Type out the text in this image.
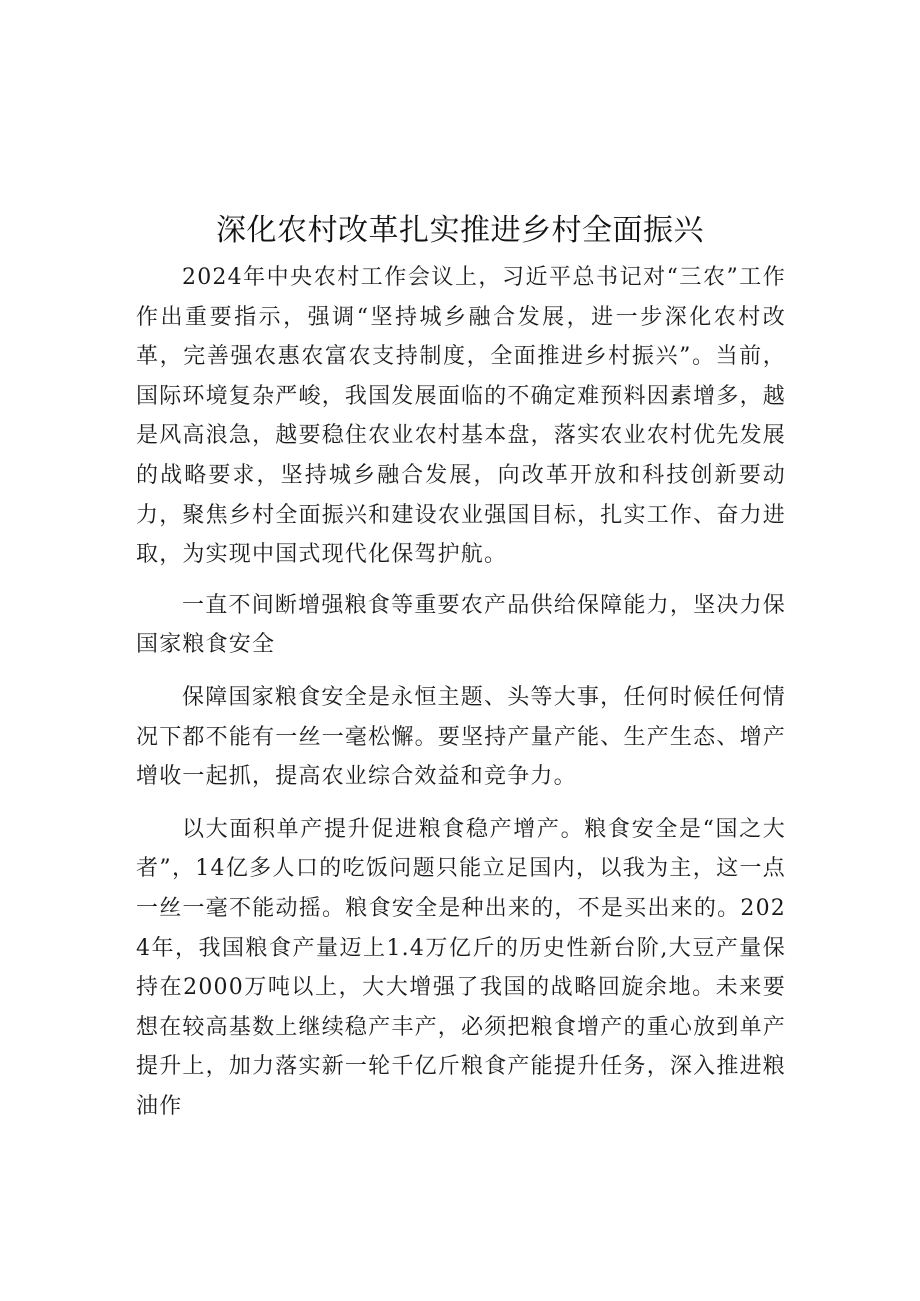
深化农村改革扎实推进乡村全面振兴

2024年中央农村工作会议上，习近平总书记对“三农”工作作出重要指示，强调“坚持城乡融合发展，进一步深化农村改革，完善强农惠农富农支持制度，全面推进乡村振兴”。当前，国际环境复杂严峻，我国发展面临的不确定难预料因素增多，越是风高浪急，越要稳住农业农村基本盘，落实农业农村优先发展的战略要求，坚持城乡融合发展，向改革开放和科技创新要动力，聚焦乡村全面振兴和建设农业强国目标，扎实工作、奋力进取，为实现中国式现代化保驾护航。

一直不间断增强粮食等重要农产品供给保障能力，坚决力保国家粮食安全

保障国家粮食安全是永恒主题、头等大事，任何时候任何情况下都不能有一丝一毫松懈。要坚持产量产能、生产生态、增产增收一起抓，提高农业综合效益和竞争力。

以大面积单产提升促进粮食稳产增产。粮食安全是“国之大者”，14亿多人口的吃饭问题只能立足国内，以我为主，这一点一丝一毫不能动摇。粮食安全是种出来的，不是买出来的。2024年，我国粮食产量迈上1.4万亿斤的历史性新台阶,大豆产量保持在2000万吨以上，大大增强了我国的战略回旋余地。未来要想在较高基数上继续稳产丰产，必须把粮食增产的重心放到单产提升上，加力落实新一轮千亿斤粮食产能提升任务，深入推进粮油作
